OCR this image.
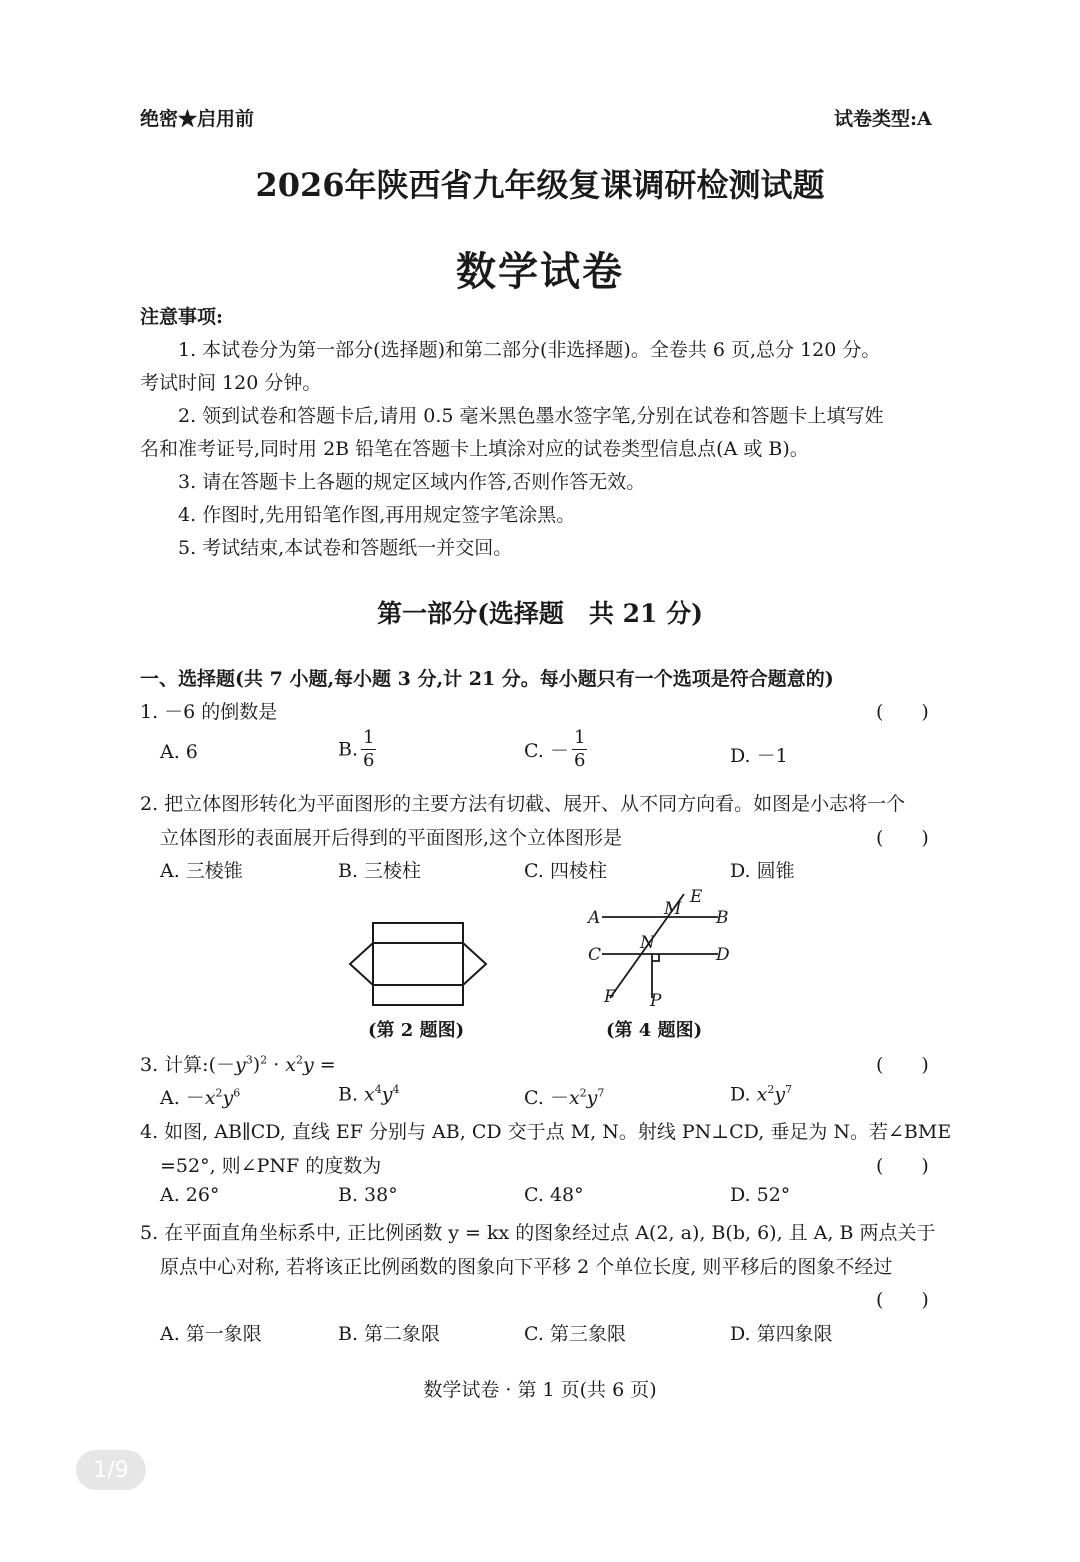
绝密★启用前	试卷类型:A
2026年陕西省九年级复课调研检测试题
数学试卷
注意事项:
1. 本试卷分为第一部分(选择题)和第二部分(非选择题)。全卷共 6 页,总分 120 分。
考试时间 120 分钟。
2. 领到试卷和答题卡后,请用 0.5 毫米黑色墨水签字笔,分别在试卷和答题卡上填写姓
名和准考证号,同时用 2B 铅笔在答题卡上填涂对应的试卷类型信息点(A 或 B)。
3. 请在答题卡上各题的规定区域内作答,否则作答无效。
4. 作图时,先用铅笔作图,再用规定签字笔涂黑。
5. 考试结束,本试卷和答题纸一并交回。
第一部分(选择题　共 21 分)
一、选择题(共 7 小题,每小题 3 分,计 21 分。每小题只有一个选项是符合题意的)
1. －6 的倒数是	(　　)
A. 6	B. $\frac{1}{6}$	C. － $\frac{1}{6}$	D. －1
2. 把立体图形转化为平面图形的主要方法有切截、展开、从不同方向看。如图是小志将一个
立体图形的表面展开后得到的平面图形,这个立体图形是	(　　)
A. 三棱锥	B. 三棱柱	C. 四棱柱	D. 圆锥
(第 2 题图)
A	B
C	D
M
E
N
F P
(第 4 题图)
3. 计算$:(-y^3)^2 \cdot x^2y$ =	(　　)
A. $-x^2y^6$	B. $x^4y^4$	C. $-x^2y^7$	D. $x^2y^7$
4. 如图, AB∥CD, 直线 EF 分别与 AB, CD 交于点 M, N。射线 PN⊥CD, 垂足为 N。若∠BME
=52°, 则∠PNF 的度数为	(　　)
A. 26°	B. 38°	C. 48°	D. 52°
5. 在平面直角坐标系中, 正比例函数 y = kx 的图象经过点 A(2, a), B(b, 6), 且 A, B 两点关于
原点中心对称, 若将该正比例函数的图象向下平移 2 个单位长度, 则平移后的图象不经过
(　　)
A. 第一象限	B. 第二象限	C. 第三象限	D. 第四象限
数学试卷 · 第 1 页(共 6 页)
1/9
